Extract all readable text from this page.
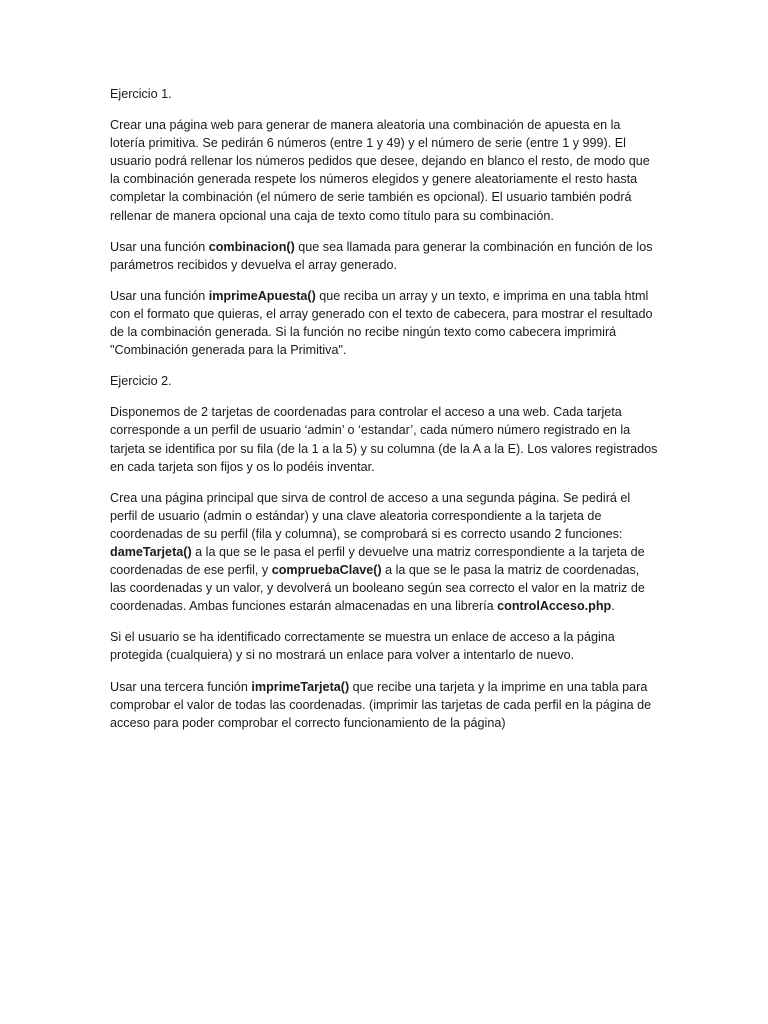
Ejercicio 1.

Crear una página web para generar de manera aleatoria una combinación de apuesta en la lotería primitiva. Se pedirán 6 números (entre 1 y 49) y el número de serie (entre 1 y 999). El usuario podrá rellenar los números pedidos que desee, dejando en blanco el resto, de modo que la combinación generada respete los números elegidos y genere aleatoriamente el resto hasta completar la combinación (el número de serie también es opcional). El usuario también podrá rellenar de manera opcional una caja de texto como título para su combinación.

Usar una función combinacion() que sea llamada para generar la combinación en función de los parámetros recibidos y devuelva el array generado.

Usar una función imprimeApuesta() que reciba un array y un texto, e imprima en una tabla html con el formato que quieras, el array generado con el texto de cabecera, para mostrar el resultado de la combinación generada. Si la función no recibe ningún texto como cabecera imprimirá "Combinación generada para la Primitiva".

Ejercicio 2.

Disponemos de 2 tarjetas de coordenadas para controlar el acceso a una web. Cada tarjeta corresponde a un perfil de usuario ‘admin’ o ‘estandar’, cada número número registrado en la tarjeta se identifica por su fila (de la 1 a la 5) y su columna (de la A a la E). Los valores registrados en cada tarjeta son fijos y os lo podéis inventar.

Crea una página principal que sirva de control de acceso a una segunda página. Se pedirá el perfil de usuario (admin o estándar) y una clave aleatoria correspondiente a la tarjeta de coordenadas de su perfil (fila y columna), se comprobará si es correcto usando 2 funciones: dameTarjeta() a la que se le pasa el perfil y devuelve una matriz correspondiente a la tarjeta de coordenadas de ese perfil, y compruebaClave() a la que se le pasa la matriz de coordenadas, las coordenadas y un valor, y devolverá un booleano según sea correcto el valor en la matriz de coordenadas. Ambas funciones estarán almacenadas en una librería controlAcceso.php.

Si el usuario se ha identificado correctamente se muestra un enlace de acceso a la página protegida (cualquiera) y si no mostrará un enlace para volver a intentarlo de nuevo.

Usar una tercera función imprimeTarjeta() que recibe una tarjeta y la imprime en una tabla para comprobar el valor de todas las coordenadas. (imprimir las tarjetas de cada perfil en la página de acceso para poder comprobar el correcto funcionamiento de la página)
